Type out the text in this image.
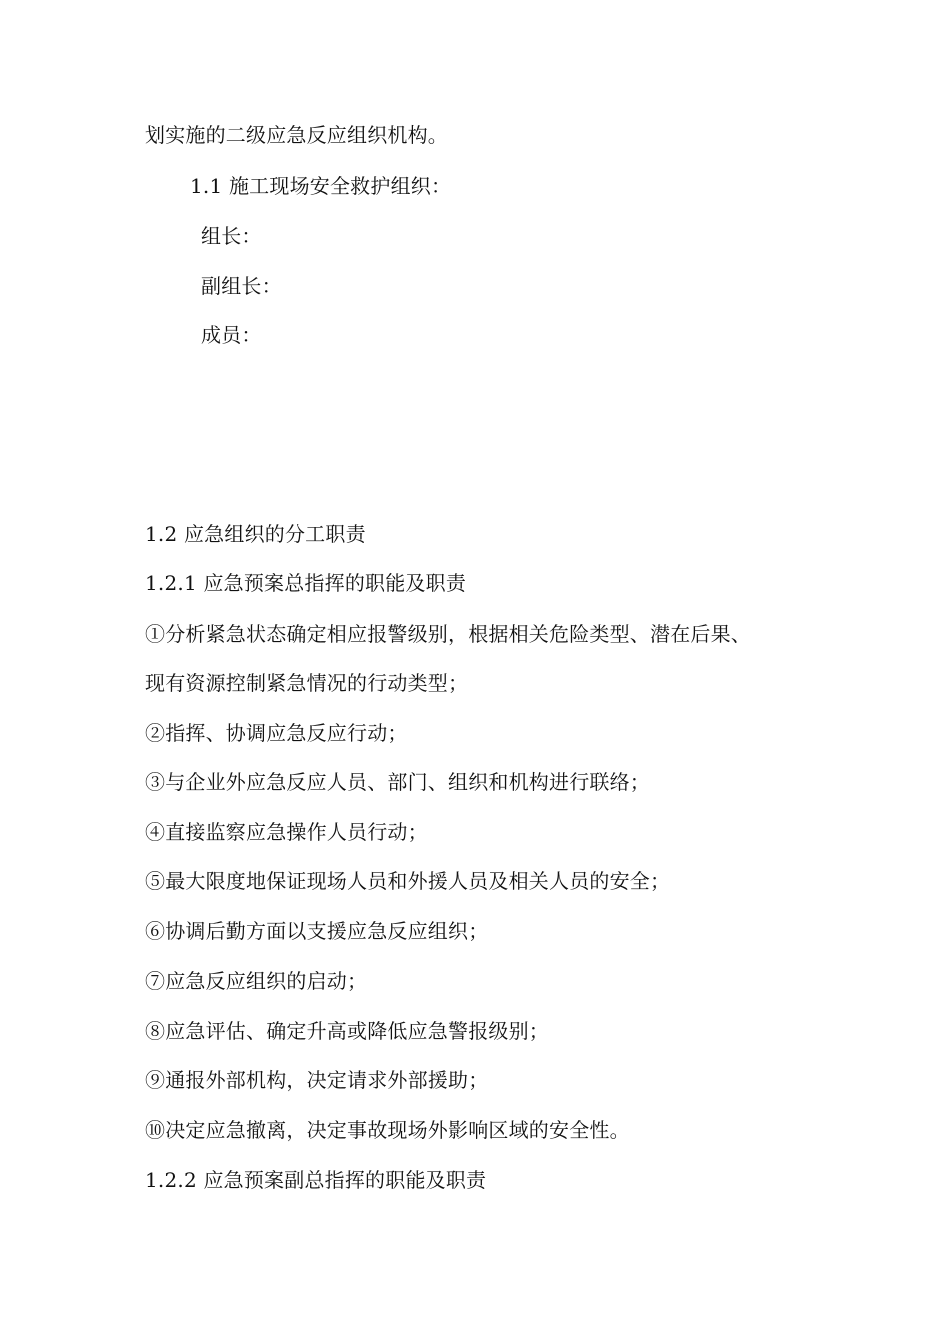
划实施的二级应急反应组织机构。
1.1 施工现场安全救护组织：
组长：
副组长：
成员：
1.2 应急组织的分工职责
1.2.1 应急预案总指挥的职能及职责
①分析紧急状态确定相应报警级别，根据相关危险类型、潜在后果、
现有资源控制紧急情况的行动类型；
②指挥、协调应急反应行动；
③与企业外应急反应人员、部门、组织和机构进行联络；
④直接监察应急操作人员行动；
⑤最大限度地保证现场人员和外援人员及相关人员的安全；
⑥协调后勤方面以支援应急反应组织；
⑦应急反应组织的启动；
⑧应急评估、确定升高或降低应急警报级别；
⑨通报外部机构，决定请求外部援助；
⑩决定应急撤离，决定事故现场外影响区域的安全性。
1.2.2 应急预案副总指挥的职能及职责
